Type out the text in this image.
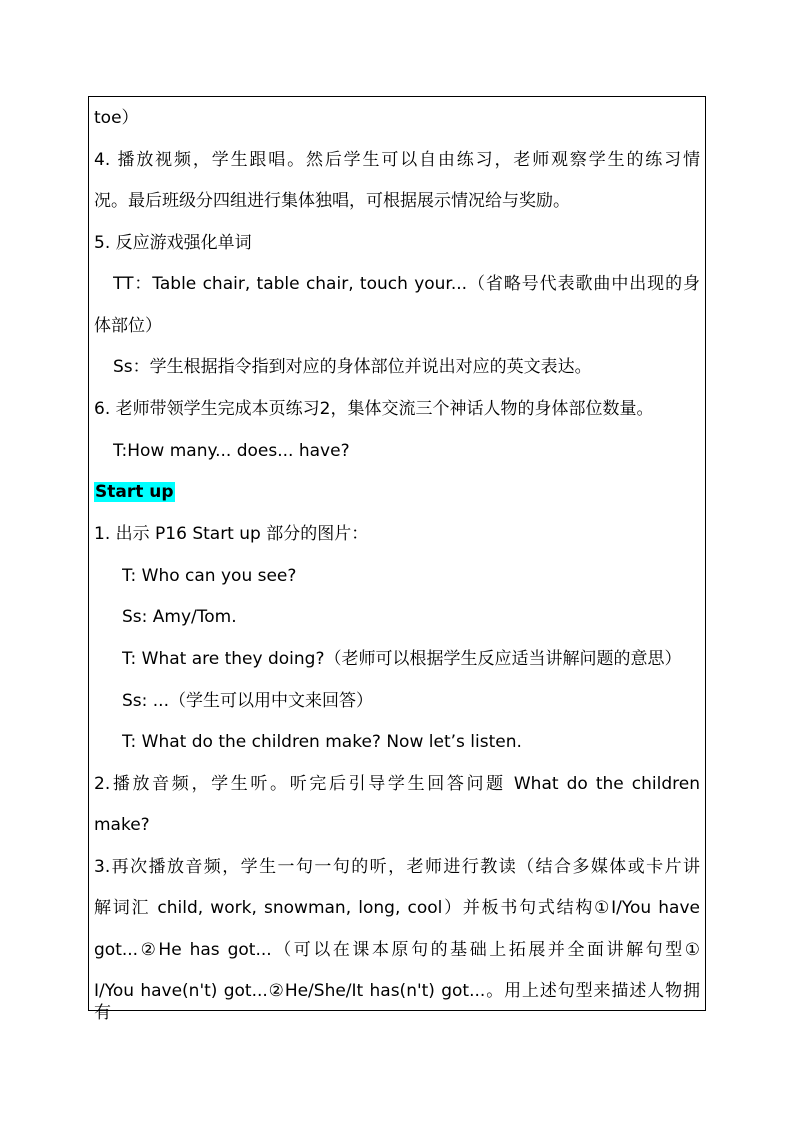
toe）
4. 播放视频，学生跟唱。然后学生可以自由练习，老师观察学生的练习情
况。最后班级分四组进行集体独唱，可根据展示情况给与奖励。
5. 反应游戏强化单词
TT：Table chair, table chair, touch your...（省略号代表歌曲中出现的身
体部位）
Ss：学生根据指令指到对应的身体部位并说出对应的英文表达。
6. 老师带领学生完成本页练习2，集体交流三个神话人物的身体部位数量。
T:How many... does... have?
Start up
1. 出示 P16 Start up 部分的图片：
T: Who can you see?
Ss: Amy/Tom.
T: What are they doing?（老师可以根据学生反应适当讲解问题的意思）
Ss: ...（学生可以用中文来回答）
T: What do the children make? Now let’s listen.
2.播放音频，学生听。听完后引导学生回答问题 What do the children
make?
3.再次播放音频，学生一句一句的听，老师进行教读（结合多媒体或卡片讲
解词汇 child, work, snowman, long, cool）并板书句式结构①I/You have
got...②He has got...（可以在课本原句的基础上拓展并全面讲解句型①
I/You have(n't) got...②He/She/It has(n't) got...。用上述句型来描述人物拥有
